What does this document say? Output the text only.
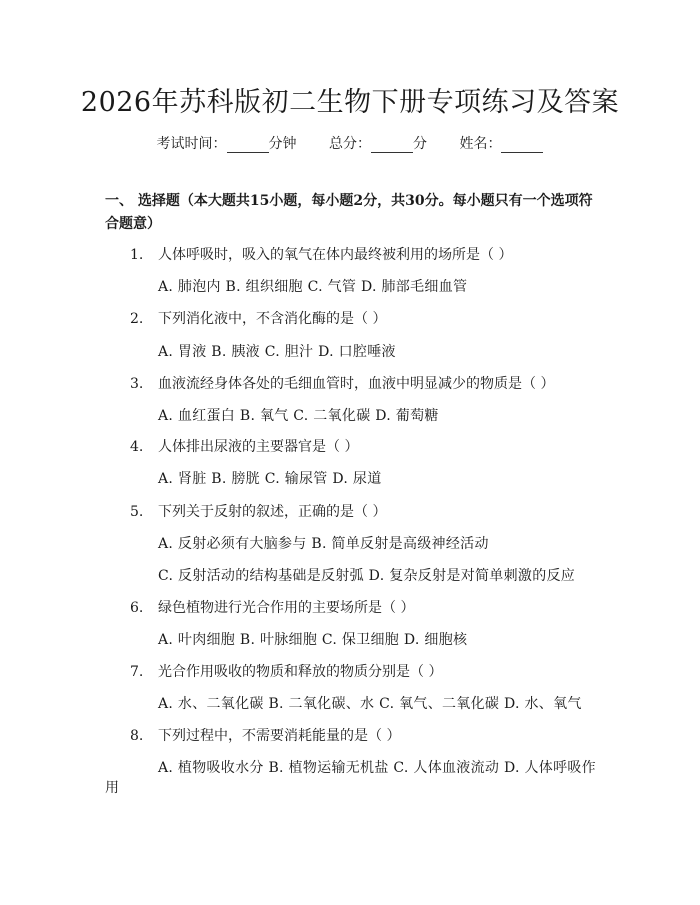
2026年苏科版初二生物下册专项练习及答案
考试时间：	分钟 总分：	分 姓名：
一、 选择题（本大题共15小题，每小题2分，共30分。每小题只有一个选项符合题意）
1. 人体呼吸时，吸入的氧气在体内最终被利用的场所是（ ）
A. 肺泡内 B. 组织细胞 C. 气管 D. 肺部毛细血管
2. 下列消化液中，不含消化酶的是（ ）
A. 胃液 B. 胰液 C. 胆汁 D. 口腔唾液
3. 血液流经身体各处的毛细血管时，血液中明显减少的物质是（ ）
A. 血红蛋白 B. 氧气 C. 二氧化碳 D. 葡萄糖
4. 人体排出尿液的主要器官是（ ）
A. 肾脏 B. 膀胱 C. 输尿管 D. 尿道
5. 下列关于反射的叙述，正确的是（ ）
A. 反射必须有大脑参与 B. 简单反射是高级神经活动
C. 反射活动的结构基础是反射弧 D. 复杂反射是对简单刺激的反应
6. 绿色植物进行光合作用的主要场所是（ ）
A. 叶肉细胞 B. 叶脉细胞 C. 保卫细胞 D. 细胞核
7. 光合作用吸收的物质和释放的物质分别是（ ）
A. 水、二氧化碳 B. 二氧化碳、水 C. 氧气、二氧化碳 D. 水、氧气
8. 下列过程中，不需要消耗能量的是（ ）
A. 植物吸收水分 B. 植物运输无机盐 C. 人体血液流动 D. 人体呼吸作
用
